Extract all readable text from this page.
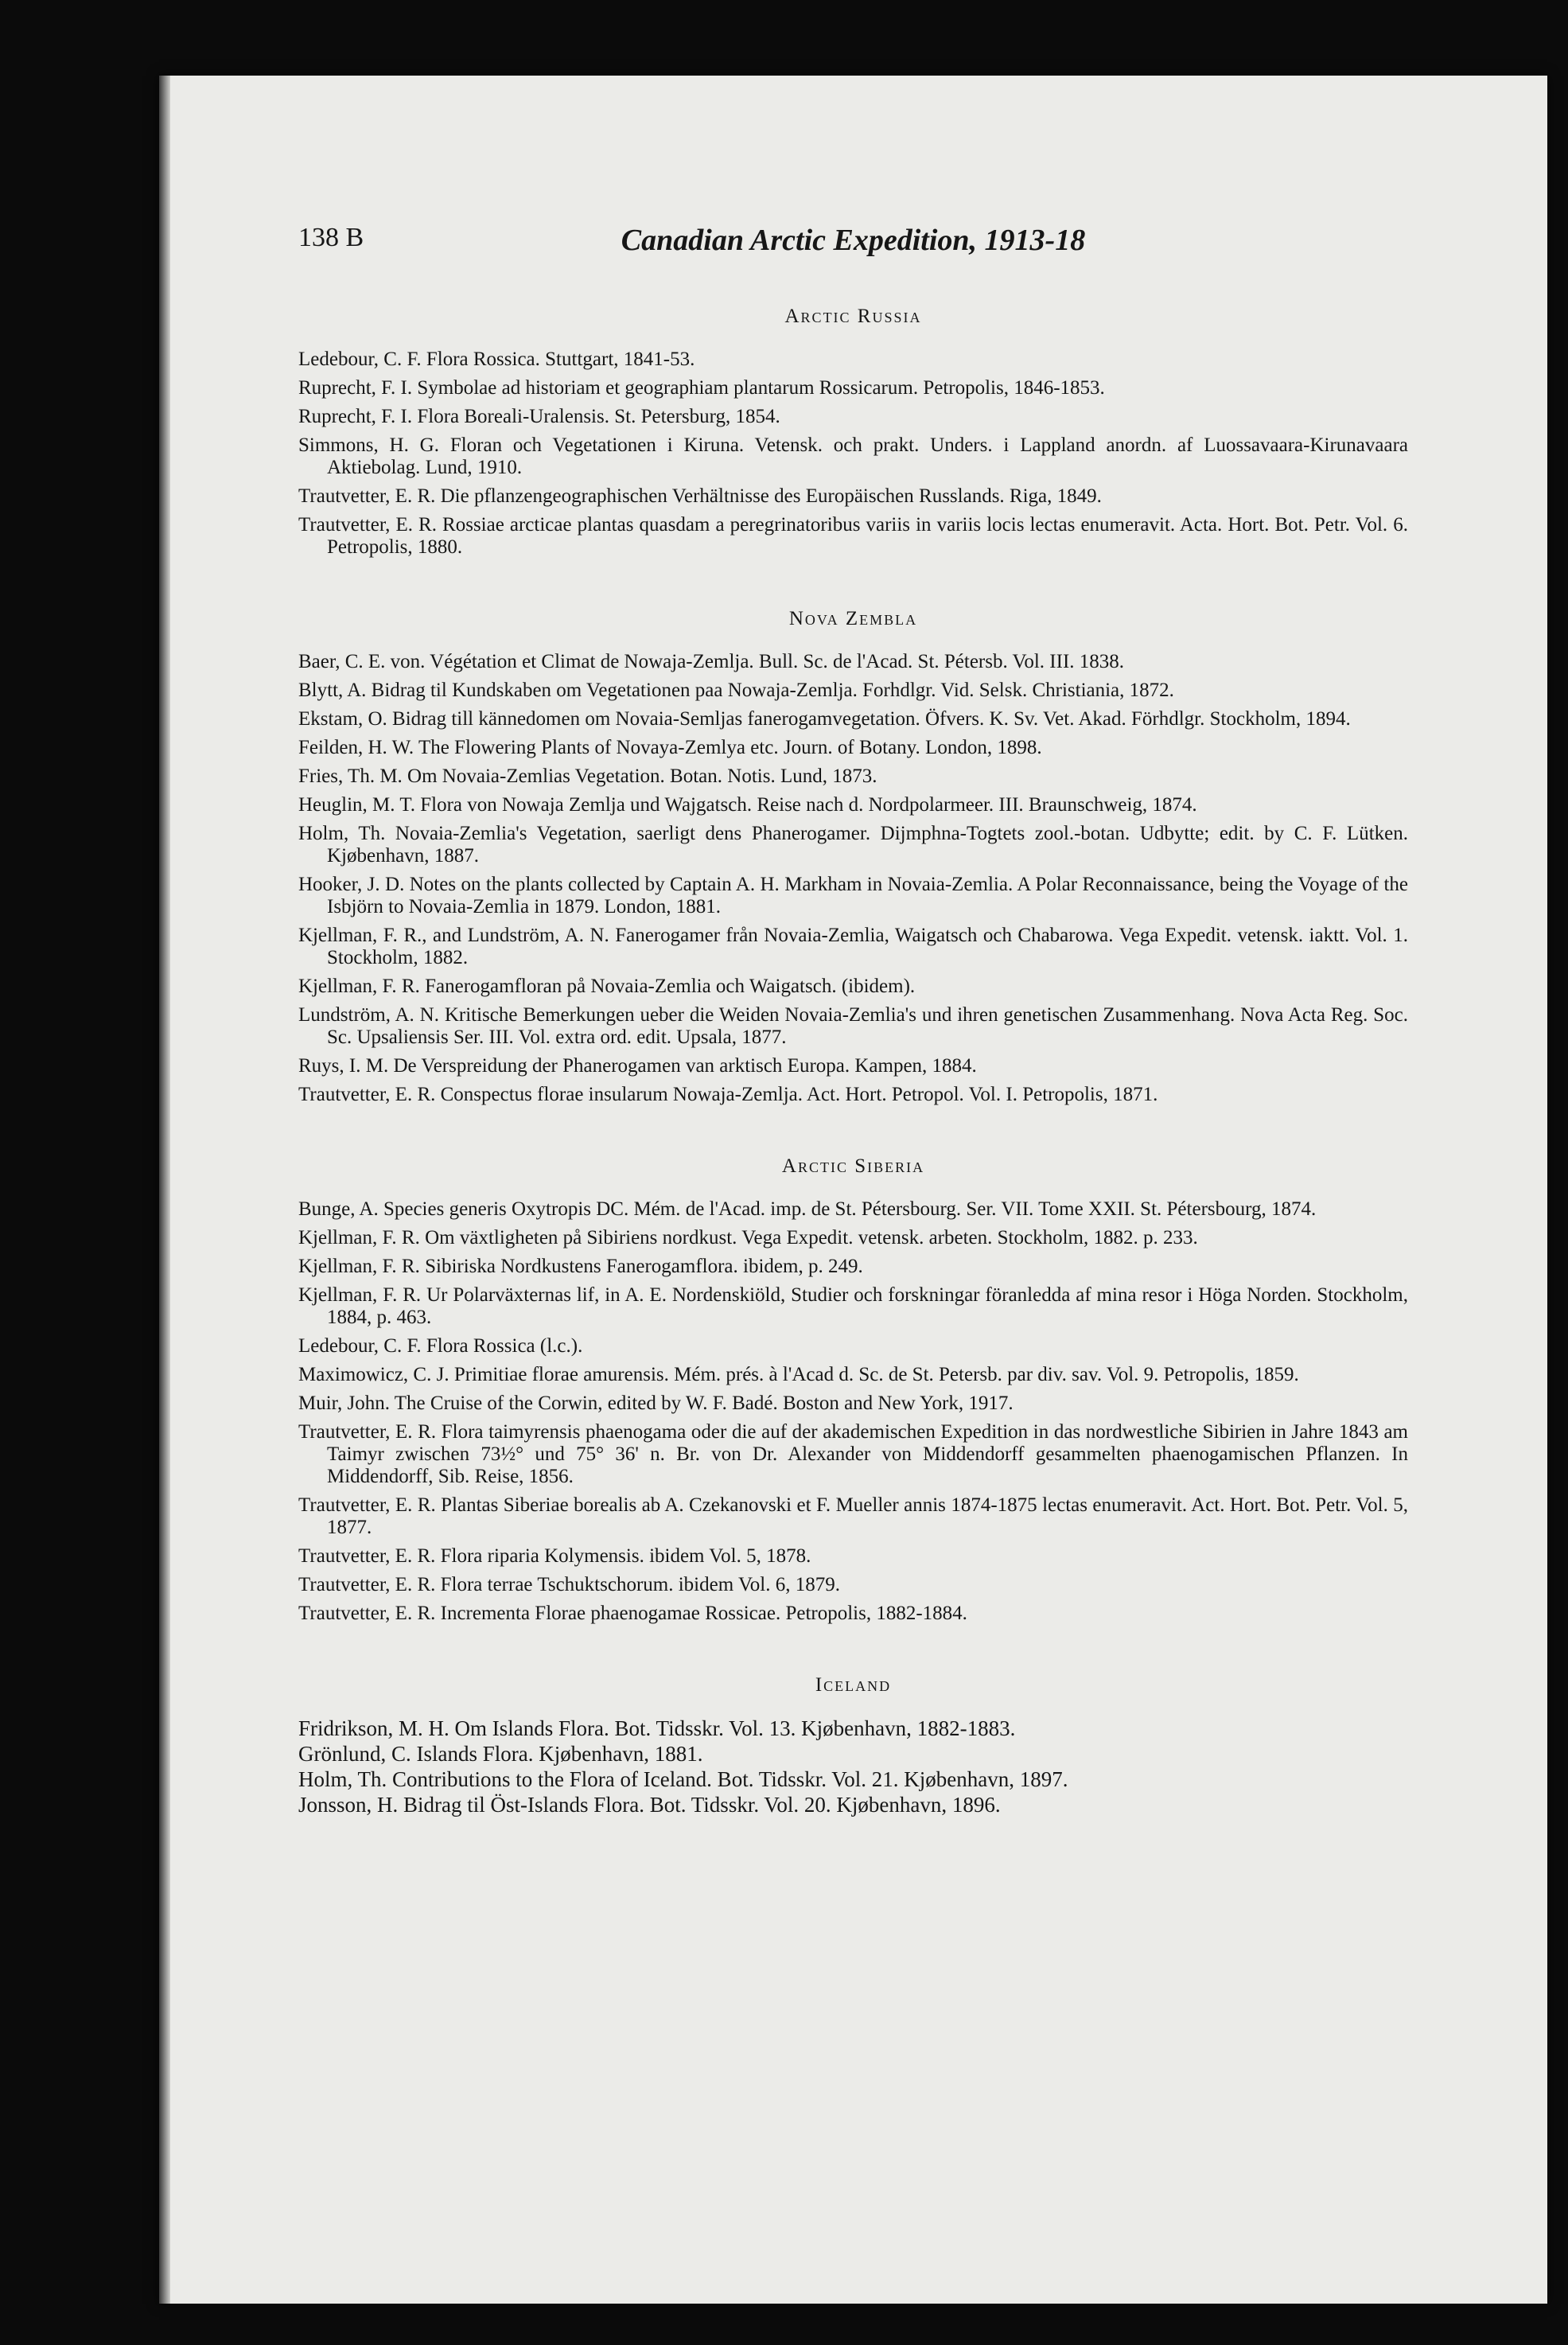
138 B	Canadian Arctic Expedition, 1913-18
Arctic Russia

Ledebour, C. F. Flora Rossica. Stuttgart, 1841-53.

Ruprecht, F. I. Symbolae ad historiam et geographiam plantarum Rossicarum. Petropolis, 1846-1853.

Ruprecht, F. I. Flora Boreali-Uralensis. St. Petersburg, 1854.

Simmons, H. G. Floran och Vegetationen i Kiruna. Vetensk. och prakt. Unders. i Lappland anordn. af Luossavaara-Kirunavaara Aktiebolag. Lund, 1910.

Trautvetter, E. R. Die pflanzengeographischen Verhältnisse des Europäischen Russlands. Riga, 1849.

Trautvetter, E. R. Rossiae arcticae plantas quasdam a peregrinatoribus variis in variis locis lectas enumeravit. Acta. Hort. Bot. Petr. Vol. 6. Petropolis, 1880.

Nova Zembla

Baer, C. E. von. Végétation et Climat de Nowaja-Zemlja. Bull. Sc. de l'Acad. St. Pétersb. Vol. III. 1838.

Blytt, A. Bidrag til Kundskaben om Vegetationen paa Nowaja-Zemlja. Forhdlgr. Vid. Selsk. Christiania, 1872.

Ekstam, O. Bidrag till kännedomen om Novaia-Semljas fanerogamvegetation. Öfvers. K. Sv. Vet. Akad. Förhdlgr. Stockholm, 1894.

Feilden, H. W. The Flowering Plants of Novaya-Zemlya etc. Journ. of Botany. London, 1898.

Fries, Th. M. Om Novaia-Zemlias Vegetation. Botan. Notis. Lund, 1873.

Heuglin, M. T. Flora von Nowaja Zemlja und Wajgatsch. Reise nach d. Nordpolarmeer. III. Braunschweig, 1874.

Holm, Th. Novaia-Zemlia's Vegetation, saerligt dens Phanerogamer. Dijmphna-Togtets zool.-botan. Udbytte; edit. by C. F. Lütken. Kjøbenhavn, 1887.

Hooker, J. D. Notes on the plants collected by Captain A. H. Markham in Novaia-Zemlia. A Polar Reconnaissance, being the Voyage of the Isbjörn to Novaia-Zemlia in 1879. London, 1881.

Kjellman, F. R., and Lundström, A. N. Fanerogamer från Novaia-Zemlia, Waigatsch och Chabarowa. Vega Expedit. vetensk. iaktt. Vol. 1. Stockholm, 1882.

Kjellman, F. R. Fanerogamfloran på Novaia-Zemlia och Waigatsch. (ibidem).

Lundström, A. N. Kritische Bemerkungen ueber die Weiden Novaia-Zemlia's und ihren genetischen Zusammenhang. Nova Acta Reg. Soc. Sc. Upsaliensis Ser. III. Vol. extra ord. edit. Upsala, 1877.

Ruys, I. M. De Verspreidung der Phanerogamen van arktisch Europa. Kampen, 1884.

Trautvetter, E. R. Conspectus florae insularum Nowaja-Zemlja. Act. Hort. Petropol. Vol. I. Petropolis, 1871.

Arctic Siberia

Bunge, A. Species generis Oxytropis DC. Mém. de l'Acad. imp. de St. Pétersbourg. Ser. VII. Tome XXII. St. Pétersbourg, 1874.

Kjellman, F. R. Om växtligheten på Sibiriens nordkust. Vega Expedit. vetensk. arbeten. Stockholm, 1882. p. 233.

Kjellman, F. R. Sibiriska Nordkustens Fanerogamflora. ibidem, p. 249.

Kjellman, F. R. Ur Polarväxternas lif, in A. E. Nordenskiöld, Studier och forskningar föranledda af mina resor i Höga Norden. Stockholm, 1884, p. 463.

Ledebour, C. F. Flora Rossica (l.c.).

Maximowicz, C. J. Primitiae florae amurensis. Mém. prés. à l'Acad d. Sc. de St. Petersb. par div. sav. Vol. 9. Petropolis, 1859.

Muir, John. The Cruise of the Corwin, edited by W. F. Badé. Boston and New York, 1917.

Trautvetter, E. R. Flora taimyrensis phaenogama oder die auf der akademischen Expedition in das nordwestliche Sibirien in Jahre 1843 am Taimyr zwischen 73½° und 75° 36' n. Br. von Dr. Alexander von Middendorff gesammelten phaenogamischen Pflanzen. In Middendorff, Sib. Reise, 1856.

Trautvetter, E. R. Plantas Siberiae borealis ab A. Czekanovski et F. Mueller annis 1874-1875 lectas enumeravit. Act. Hort. Bot. Petr. Vol. 5, 1877.

Trautvetter, E. R. Flora riparia Kolymensis. ibidem Vol. 5, 1878.

Trautvetter, E. R. Flora terrae Tschuktschorum. ibidem Vol. 6, 1879.

Trautvetter, E. R. Incrementa Florae phaenogamae Rossicae. Petropolis, 1882-1884.

Iceland

Fridrikson, M. H. Om Islands Flora. Bot. Tidsskr. Vol. 13. Kjøbenhavn, 1882-1883.

Grönlund, C. Islands Flora. Kjøbenhavn, 1881.

Holm, Th. Contributions to the Flora of Iceland. Bot. Tidsskr. Vol. 21. Kjøbenhavn, 1897.

Jonsson, H. Bidrag til Öst-Islands Flora. Bot. Tidsskr. Vol. 20. Kjøbenhavn, 1896.
